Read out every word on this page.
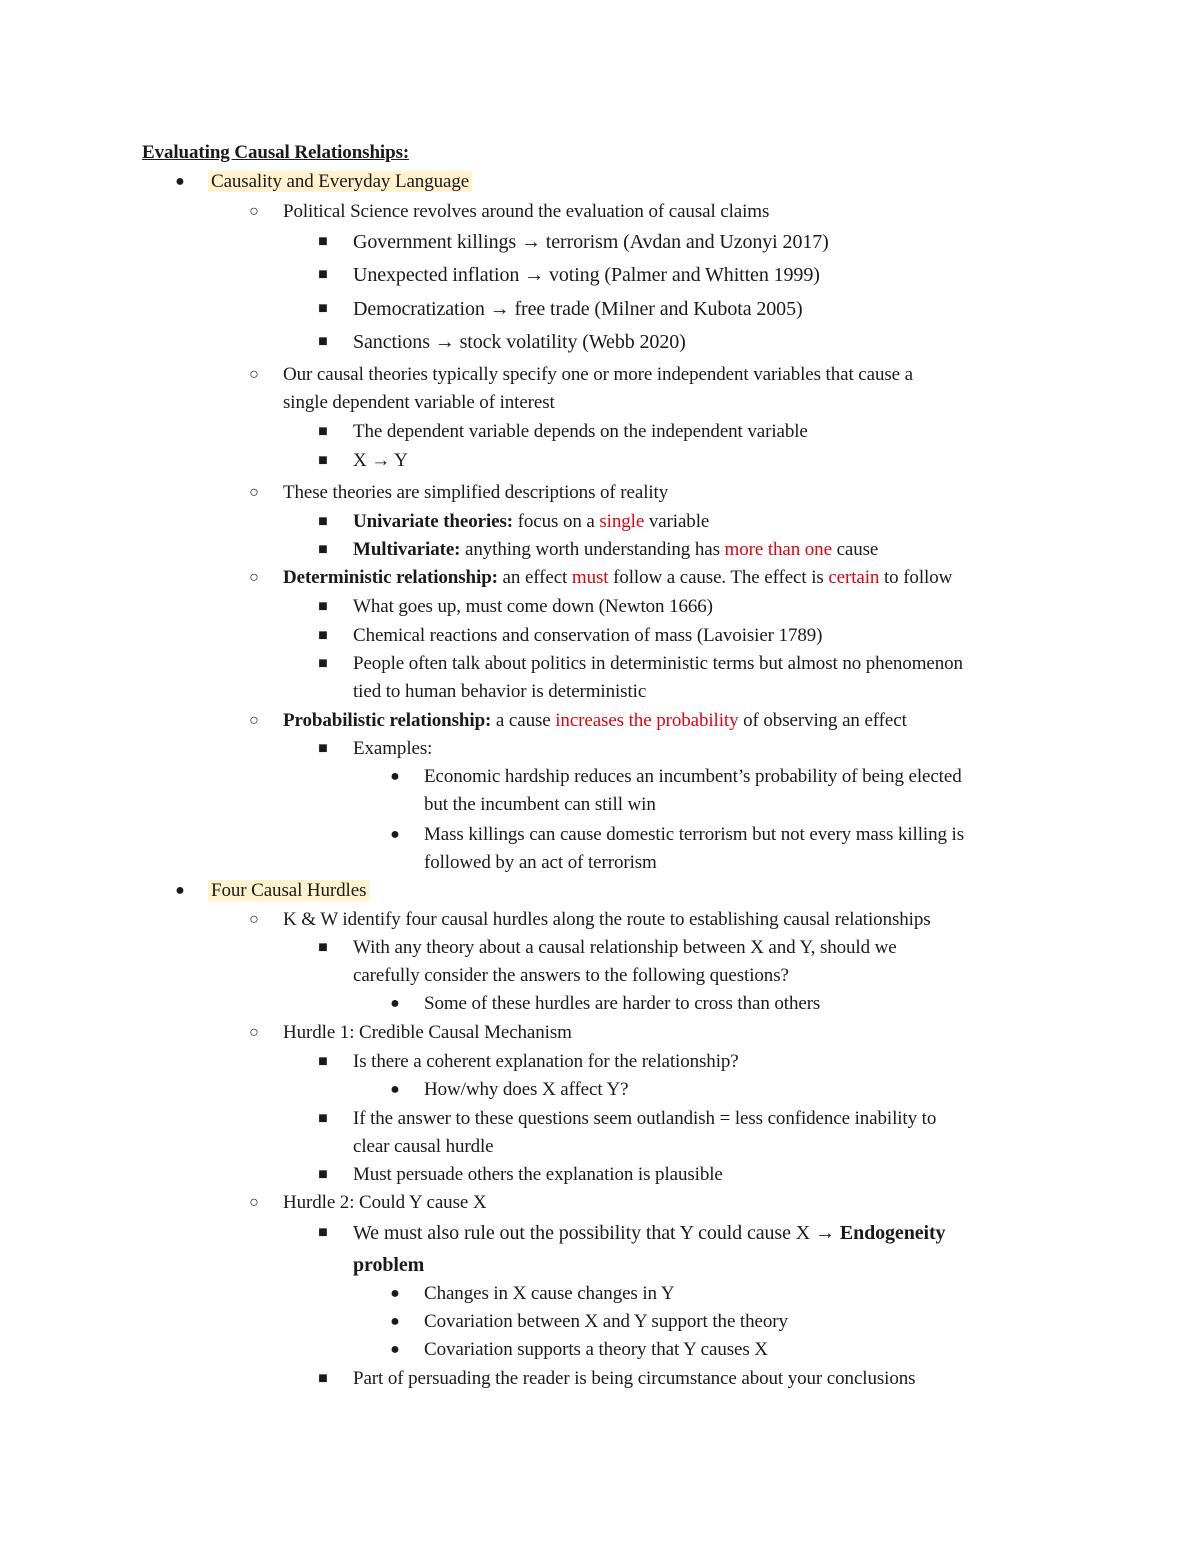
Evaluating Causal Relationships:
● Causality and Everyday Language
○ Political Science revolves around the evaluation of causal claims
■ Government killings → terrorism (Avdan and Uzonyi 2017)
■ Unexpected inflation → voting (Palmer and Whitten 1999)
■ Democratization → free trade (Milner and Kubota 2005)
■ Sanctions → stock volatility (Webb 2020)
○ Our causal theories typically specify one or more independent variables that cause a
single dependent variable of interest
■ The dependent variable depends on the independent variable
■ X → Y
○ These theories are simplified descriptions of reality
■ Univariate theories: focus on a single variable
■ Multivariate: anything worth understanding has more than one cause
○ Deterministic relationship: an effect must follow a cause. The effect is certain to follow
■ What goes up, must come down (Newton 1666)
■ Chemical reactions and conservation of mass (Lavoisier 1789)
■ People often talk about politics in deterministic terms but almost no phenomenon
tied to human behavior is deterministic
○ Probabilistic relationship: a cause increases the probability of observing an effect
■ Examples:
● Economic hardship reduces an incumbent’s probability of being elected
but the incumbent can still win
● Mass killings can cause domestic terrorism but not every mass killing is
followed by an act of terrorism
● Four Causal Hurdles
○ K & W identify four causal hurdles along the route to establishing causal relationships
■ With any theory about a causal relationship between X and Y, should we
carefully consider the answers to the following questions?
● Some of these hurdles are harder to cross than others
○ Hurdle 1: Credible Causal Mechanism
■ Is there a coherent explanation for the relationship?
● How/why does X affect Y?
■ If the answer to these questions seem outlandish = less confidence inability to
clear causal hurdle
■ Must persuade others the explanation is plausible
○ Hurdle 2: Could Y cause X
■ We must also rule out the possibility that Y could cause X → Endogeneity
problem
● Changes in X cause changes in Y
● Covariation between X and Y support the theory
● Covariation supports a theory that Y causes X
■ Part of persuading the reader is being circumstance about your conclusions
